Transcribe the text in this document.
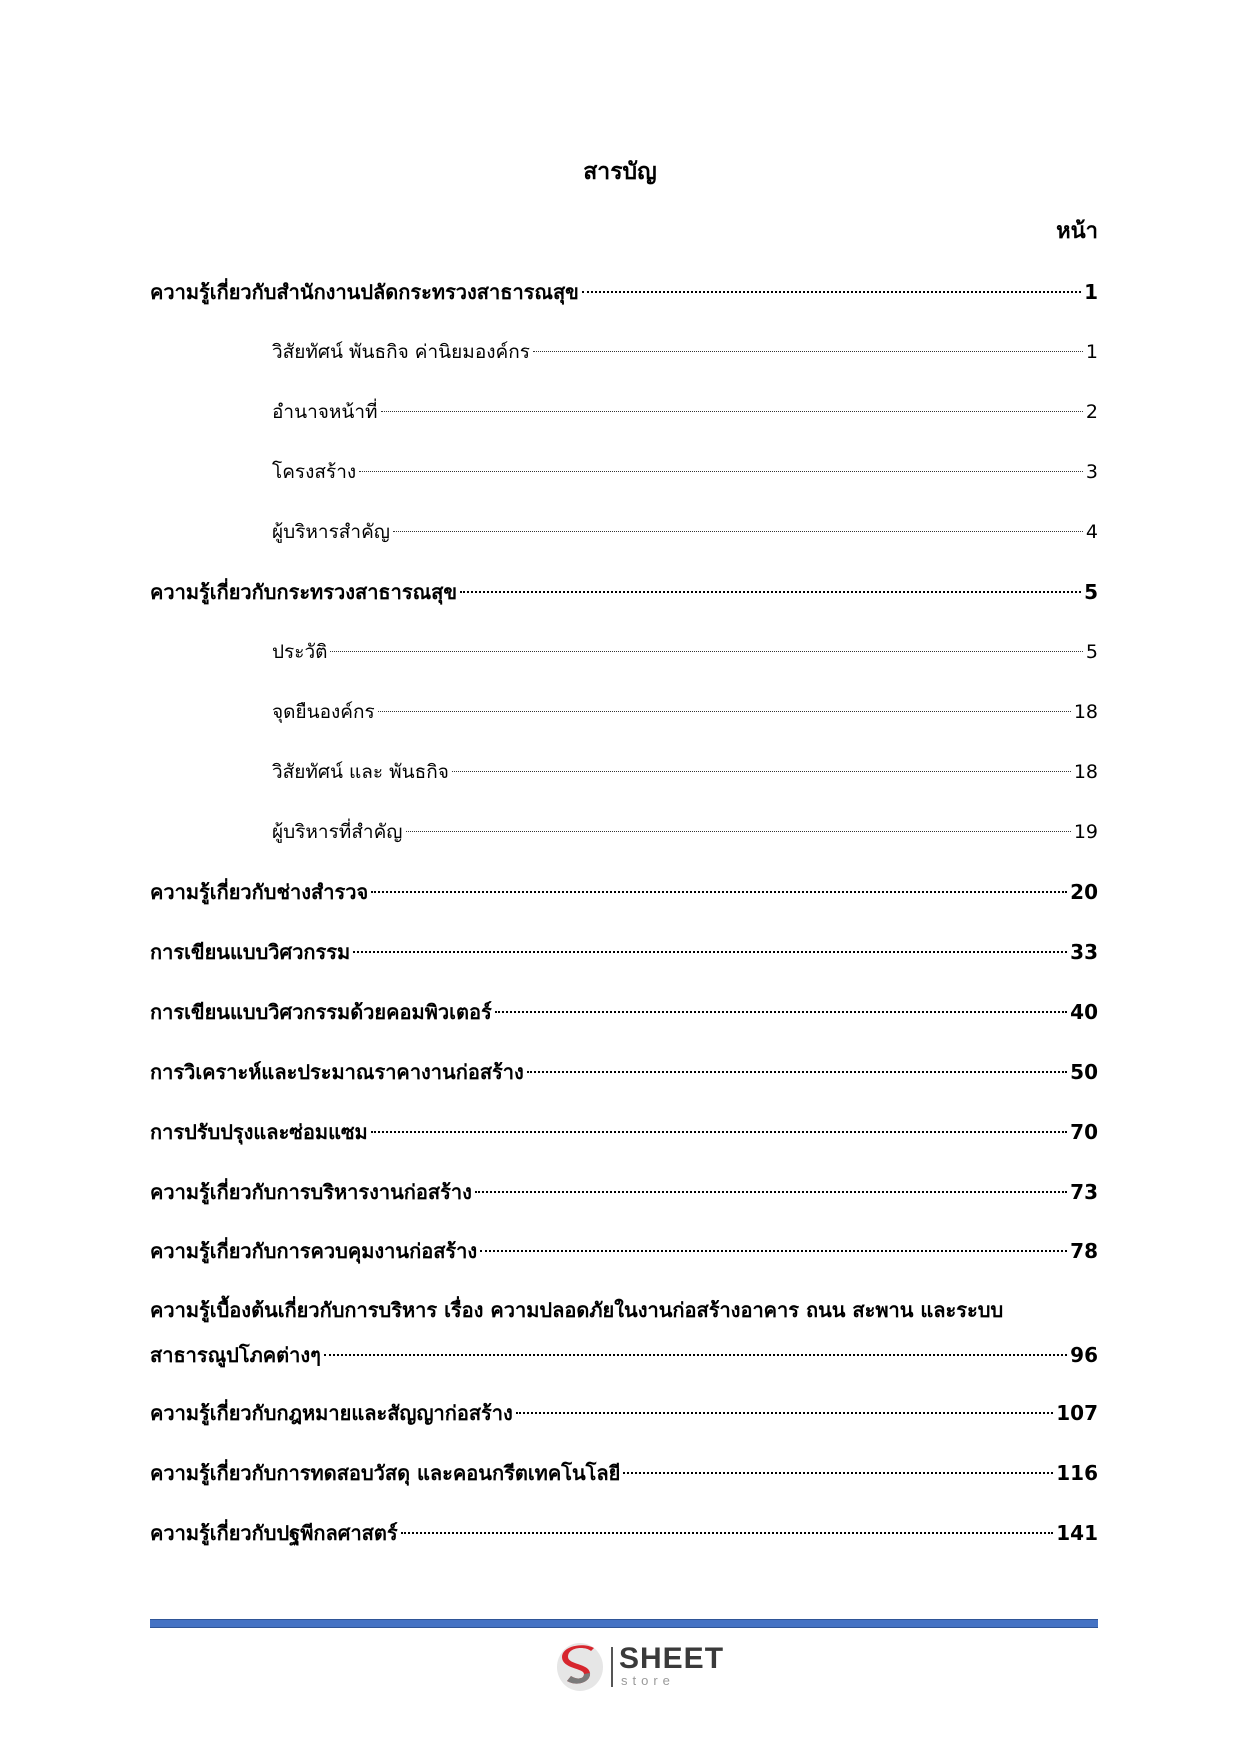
สารบัญ
หน้า
ความรู้เกี่ยวกับสำนักงานปลัดกระทรวงสาธารณสุข	1
วิสัยทัศน์ พันธกิจ ค่านิยมองค์กร	1
อำนาจหน้าที่	2
โครงสร้าง	3
ผู้บริหารสำคัญ	4
ความรู้เกี่ยวกับกระทรวงสาธารณสุข	5
ประวัติ	5
จุดยืนองค์กร	18
วิสัยทัศน์ และ พันธกิจ	18
ผู้บริหารที่สำคัญ	19
ความรู้เกี่ยวกับช่างสำรวจ	20
การเขียนแบบวิศวกรรม	33
การเขียนแบบวิศวกรรมด้วยคอมพิวเตอร์	40
การวิเคราะห์และประมาณราคางานก่อสร้าง	50
การปรับปรุงและซ่อมแซม	70
ความรู้เกี่ยวกับการบริหารงานก่อสร้าง	73
ความรู้เกี่ยวกับการควบคุมงานก่อสร้าง	78
ความรู้เบื้องต้นเกี่ยวกับการบริหาร เรื่อง ความปลอดภัยในงานก่อสร้างอาคาร ถนน สะพาน และระบบ
สาธารณูปโภคต่างๆ	96
ความรู้เกี่ยวกับกฎหมายและสัญญาก่อสร้าง	107
ความรู้เกี่ยวกับการทดสอบวัสดุ และคอนกรีตเทคโนโลยี	116
ความรู้เกี่ยวกับปฐพีกลศาสตร์	141
SHEET
store
